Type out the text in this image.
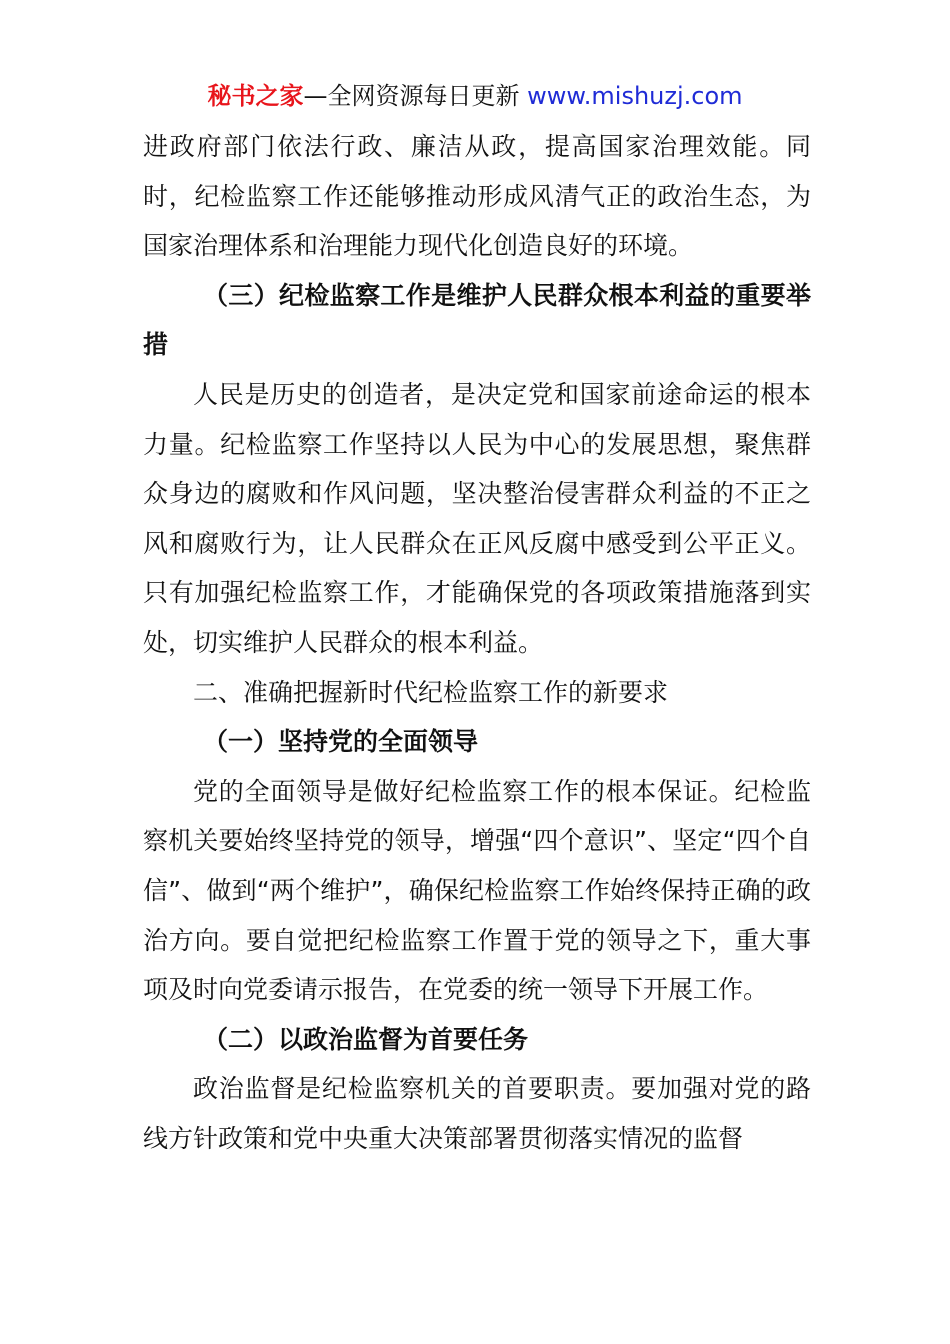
秘书之家—全网资源每日更新 www.mishuzj.com

进政府部门依法行政、廉洁从政，提高国家治理效能。同时，纪检监察工作还能够推动形成风清气正的政治生态，为国家治理体系和治理能力现代化创造良好的环境。

（三）纪检监察工作是维护人民群众根本利益的重要举措

人民是历史的创造者，是决定党和国家前途命运的根本力量。纪检监察工作坚持以人民为中心的发展思想，聚焦群众身边的腐败和作风问题，坚决整治侵害群众利益的不正之风和腐败行为，让人民群众在正风反腐中感受到公平正义。只有加强纪检监察工作，才能确保党的各项政策措施落到实处，切实维护人民群众的根本利益。

二、准确把握新时代纪检监察工作的新要求

（一）坚持党的全面领导

党的全面领导是做好纪检监察工作的根本保证。纪检监察机关要始终坚持党的领导，增强“四个意识”、坚定“四个自信”、做到“两个维护”，确保纪检监察工作始终保持正确的政治方向。要自觉把纪检监察工作置于党的领导之下，重大事项及时向党委请示报告，在党委的统一领导下开展工作。

（二）以政治监督为首要任务

政治监督是纪检监察机关的首要职责。要加强对党的路线方针政策和党中央重大决策部署贯彻落实情况的监督
